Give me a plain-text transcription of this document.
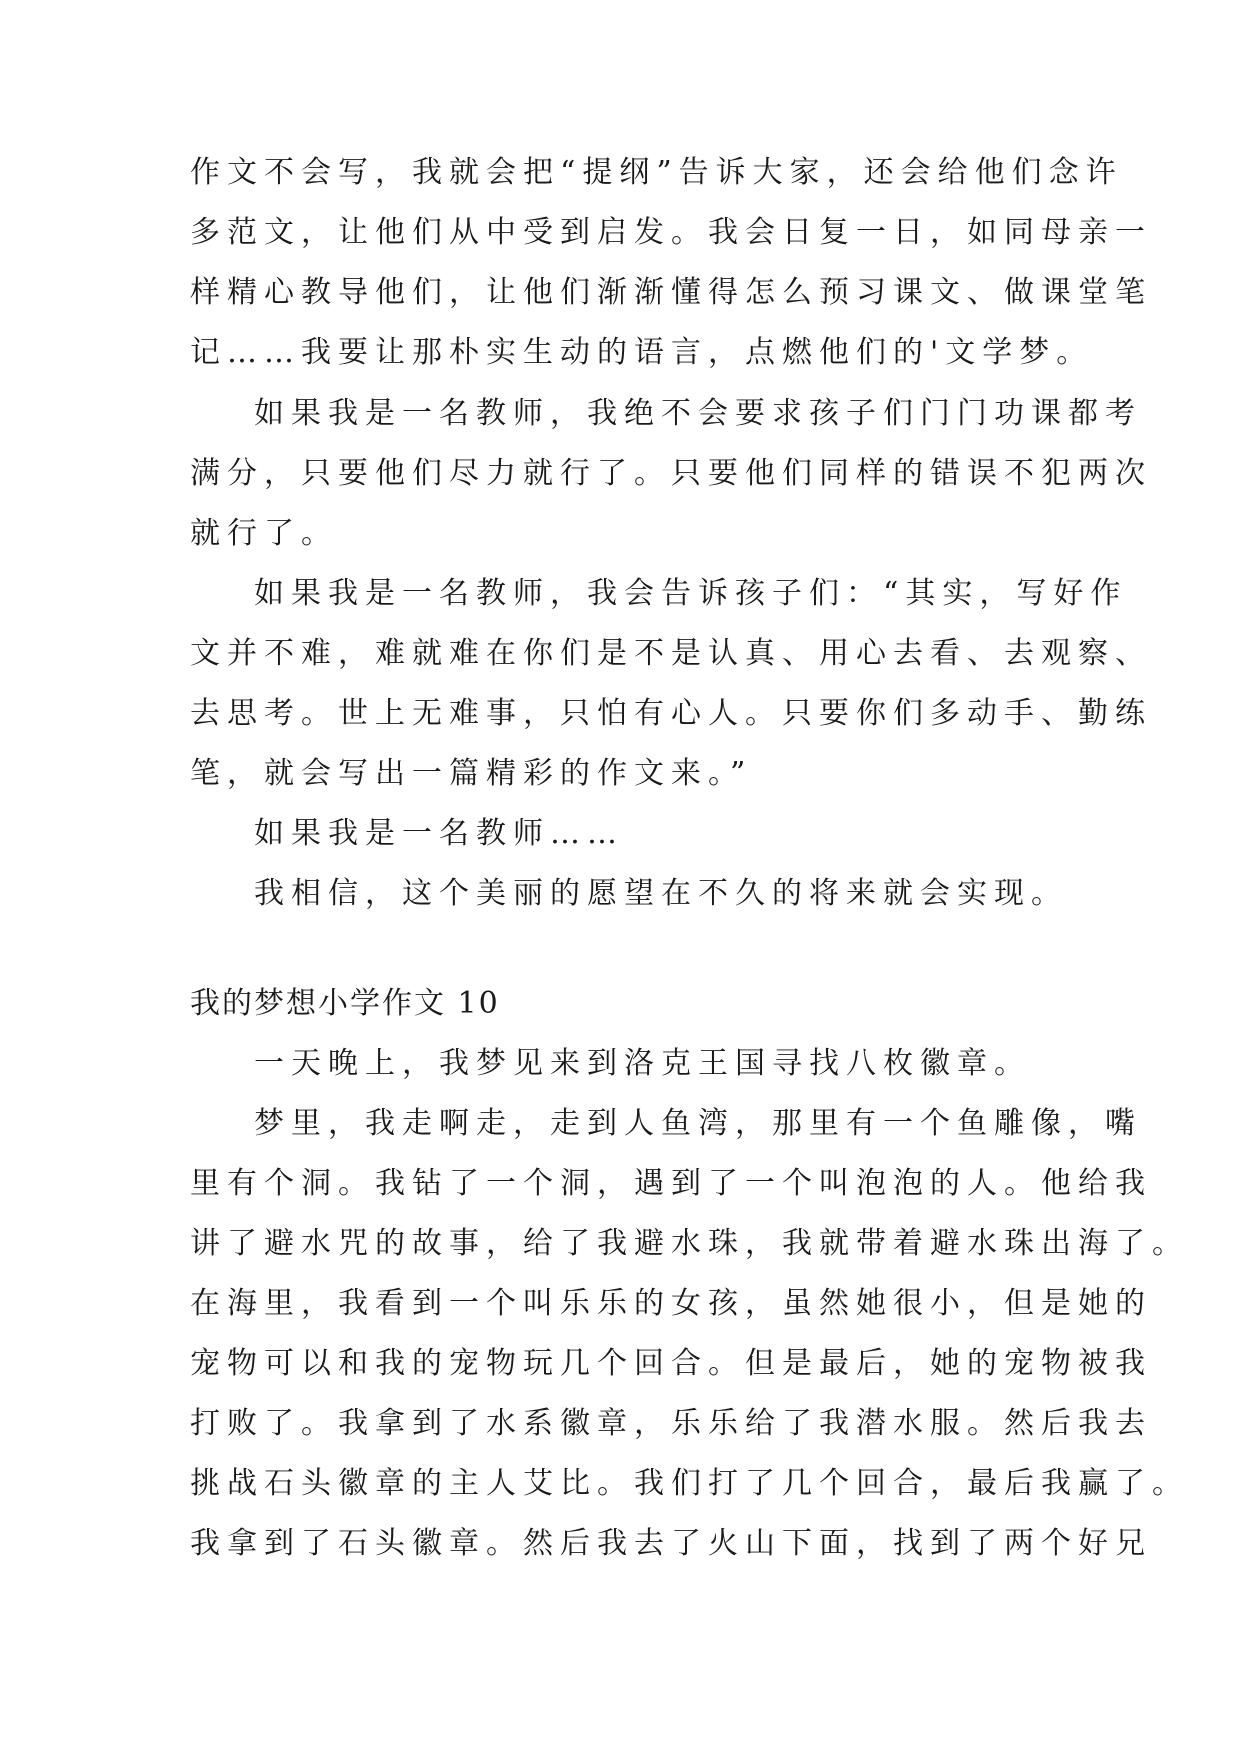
作文不会写，我就会把“提纲”告诉大家，还会给他们念许
多范文，让他们从中受到启发。我会日复一日，如同母亲一
样精心教导他们，让他们渐渐懂得怎么预习课文、做课堂笔
记……我要让那朴实生动的语言，点燃他们的'文学梦。
如果我是一名教师，我绝不会要求孩子们门门功课都考
满分，只要他们尽力就行了。只要他们同样的错误不犯两次
就行了。
如果我是一名教师，我会告诉孩子们：“其实，写好作
文并不难，难就难在你们是不是认真、用心去看、去观察、
去思考。世上无难事，只怕有心人。只要你们多动手、勤练
笔，就会写出一篇精彩的作文来。”
如果我是一名教师……
我相信，这个美丽的愿望在不久的将来就会实现。
我的梦想小学作文 10
一天晚上，我梦见来到洛克王国寻找八枚徽章。
梦里，我走啊走，走到人鱼湾，那里有一个鱼雕像，嘴
里有个洞。我钻了一个洞，遇到了一个叫泡泡的人。他给我
讲了避水咒的故事，给了我避水珠，我就带着避水珠出海了。
在海里，我看到一个叫乐乐的女孩，虽然她很小，但是她的
宠物可以和我的宠物玩几个回合。但是最后，她的宠物被我
打败了。我拿到了水系徽章，乐乐给了我潜水服。然后我去
挑战石头徽章的主人艾比。我们打了几个回合，最后我赢了。
我拿到了石头徽章。然后我去了火山下面，找到了两个好兄
